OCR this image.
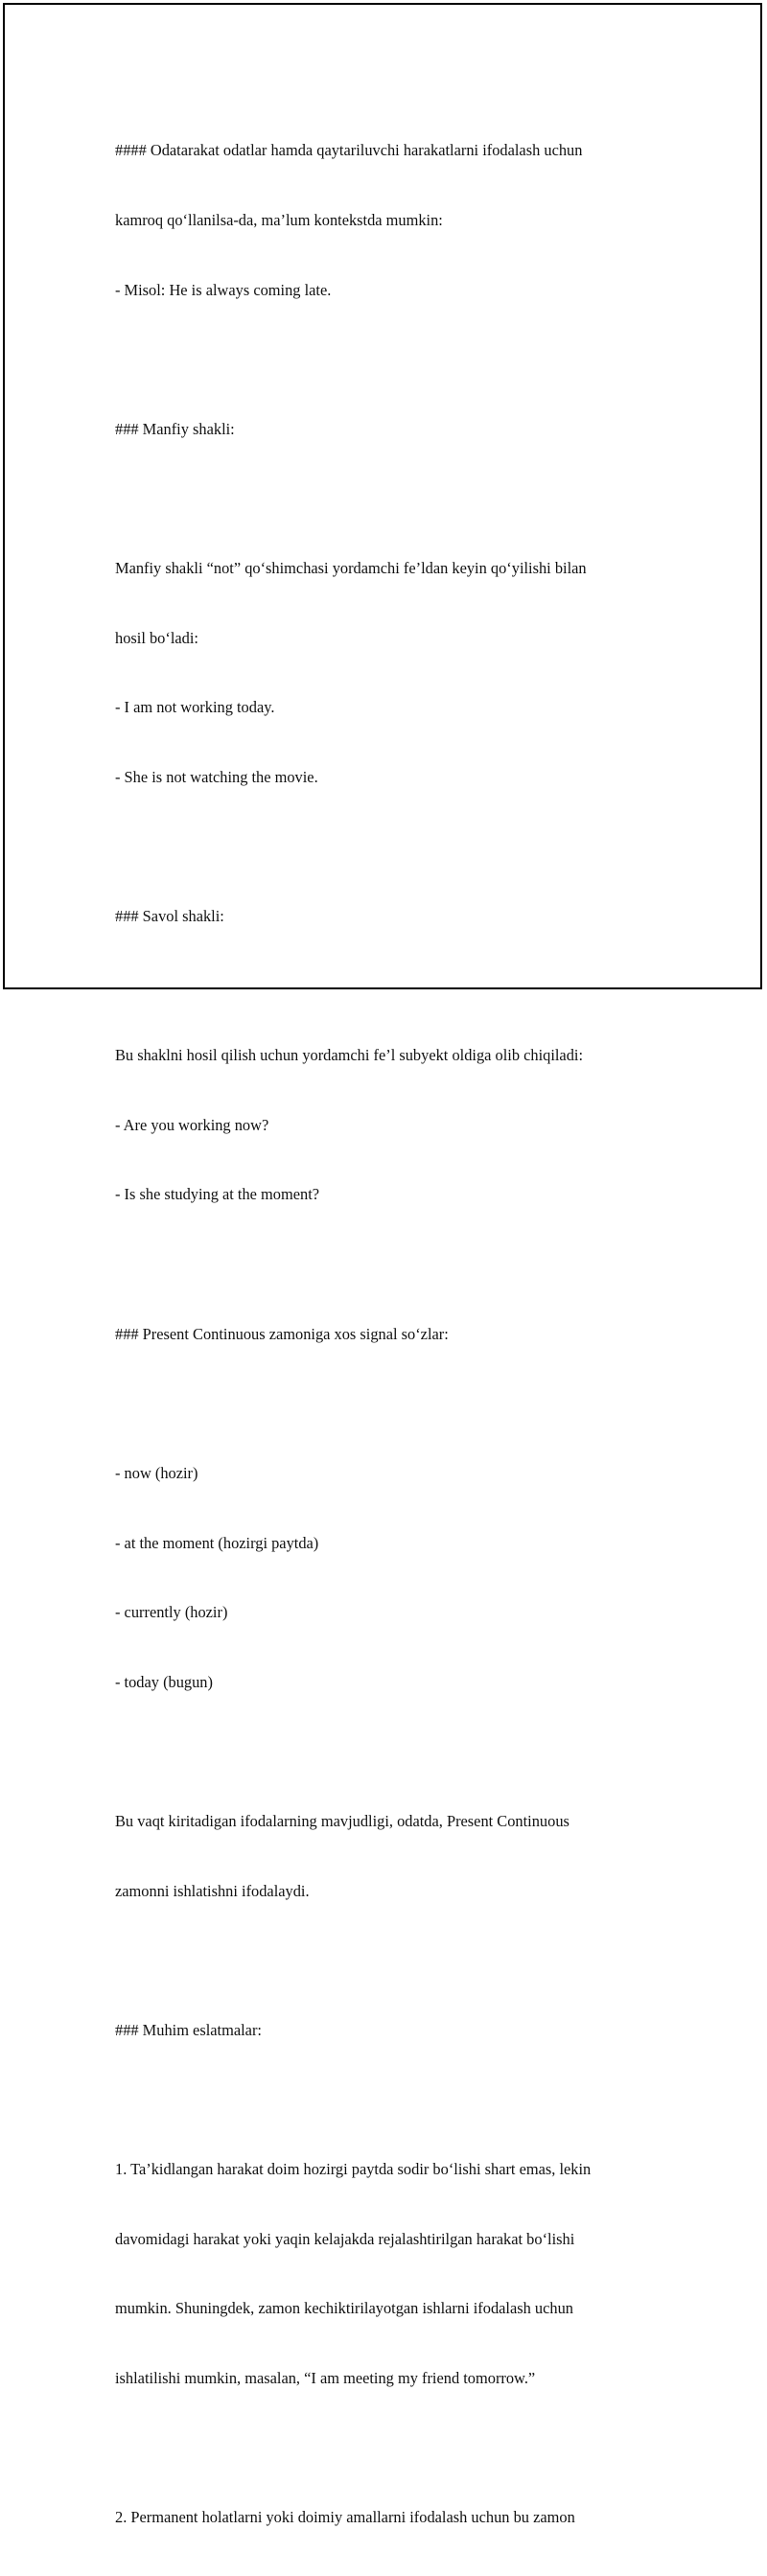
#### Odatarakat odatlar hamda qaytariluvchi harakatlarni ifodalash uchun

kamroq qo‘llanilsa-da, ma’lum kontekstda mumkin:

- Misol: He is always coming late.

### Manfiy shakli:

Manfiy shakli “not” qo‘shimchasi yordamchi fe’ldan keyin qo‘yilishi bilan

hosil bo‘ladi:

- I am not working today.

- She is not watching the movie.

### Savol shakli:

Bu shaklni hosil qilish uchun yordamchi fe’l subyekt oldiga olib chiqiladi:

- Are you working now?

- Is she studying at the moment?

### Present Continuous zamoniga xos signal so‘zlar:

- now (hozir)

- at the moment (hozirgi paytda)

- currently (hozir)

- today (bugun)

Bu vaqt kiritadigan ifodalarning mavjudligi, odatda, Present Continuous

zamonni ishlatishni ifodalaydi.

### Muhim eslatmalar:

1. Ta’kidlangan harakat doim hozirgi paytda sodir bo‘lishi shart emas, lekin

davomidagi harakat yoki yaqin kelajakda rejalashtirilgan harakat bo‘lishi

mumkin. Shuningdek, zamon kechiktirilayotgan ishlarni ifodalash uchun

ishlatilishi mumkin, masalan, “I am meeting my friend tomorrow.”

2. Permanent holatlarni yoki doimiy amallarni ifodalash uchun bu zamon
